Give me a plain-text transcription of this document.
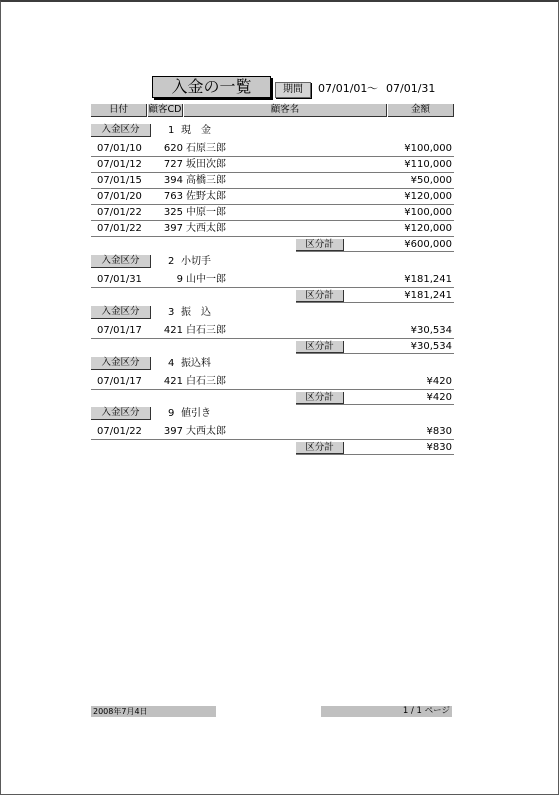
入金の一覧	期間	07/01/01 ～ 07/01/31
日付	顧客CD	顧客名	金額
入金区分	1 現　金
07/01/10 620 石原三郎	¥100,000
07/01/12 727 坂田次郎	¥110,000
07/01/15 394 高橋三郎	¥50,000
07/01/20 763 佐野太郎	¥120,000
07/01/22 325 中原一郎	¥100,000
07/01/22 397 大西太郎	¥120,000
区分計	¥600,000
入金区分	2 小切手
07/01/31	9 山中一郎	¥181,241
区分計	¥181,241
入金区分	3 振　込
07/01/17 421 白石三郎	¥30,534
区分計	¥30,534
入金区分	4 振込料
07/01/17 421 白石三郎	¥420
区分計	¥420
入金区分	9 値引き
07/01/22 397 大西太郎	¥830
区分計	¥830
2008年7月4日	1 / 1 ページ
